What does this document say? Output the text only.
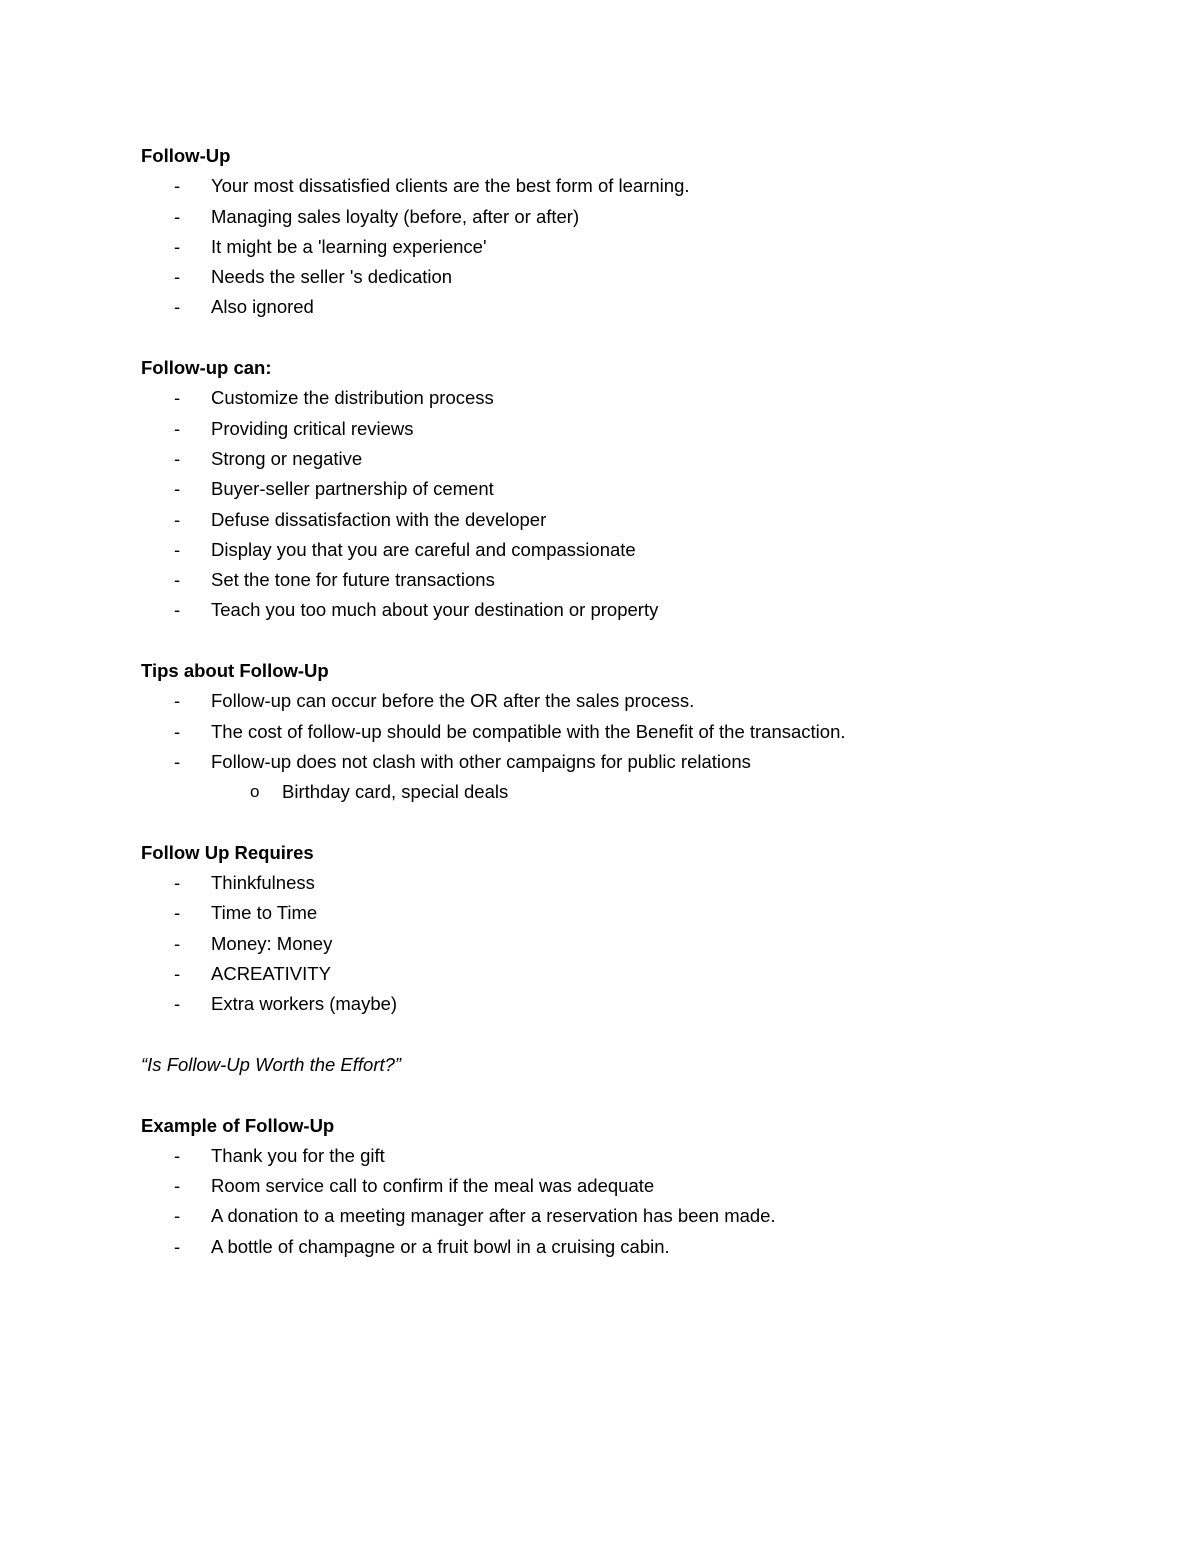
Follow-Up
- Your most dissatisfied clients are the best form of learning.
- Managing sales loyalty (before, after or after)
- It might be a 'learning experience'
- Needs the seller 's dedication
- Also ignored
Follow-up can:
- Customize the distribution process
- Providing critical reviews
- Strong or negative
- Buyer-seller partnership of cement
- Defuse dissatisfaction with the developer
- Display you that you are careful and compassionate
- Set the tone for future transactions
- Teach you too much about your destination or property
Tips about Follow-Up
- Follow-up can occur before the OR after the sales process.
- The cost of follow-up should be compatible with the Benefit of the transaction.
- Follow-up does not clash with other campaigns for public relations
o Birthday card, special deals
Follow Up Requires
- Thinkfulness
- Time to Time
- Money: Money
- ACREATIVITY
- Extra workers (maybe)
“Is Follow-Up Worth the Effort?”
Example of Follow-Up
- Thank you for the gift
- Room service call to confirm if the meal was adequate
- A donation to a meeting manager after a reservation has been made.
- A bottle of champagne or a fruit bowl in a cruising cabin.
